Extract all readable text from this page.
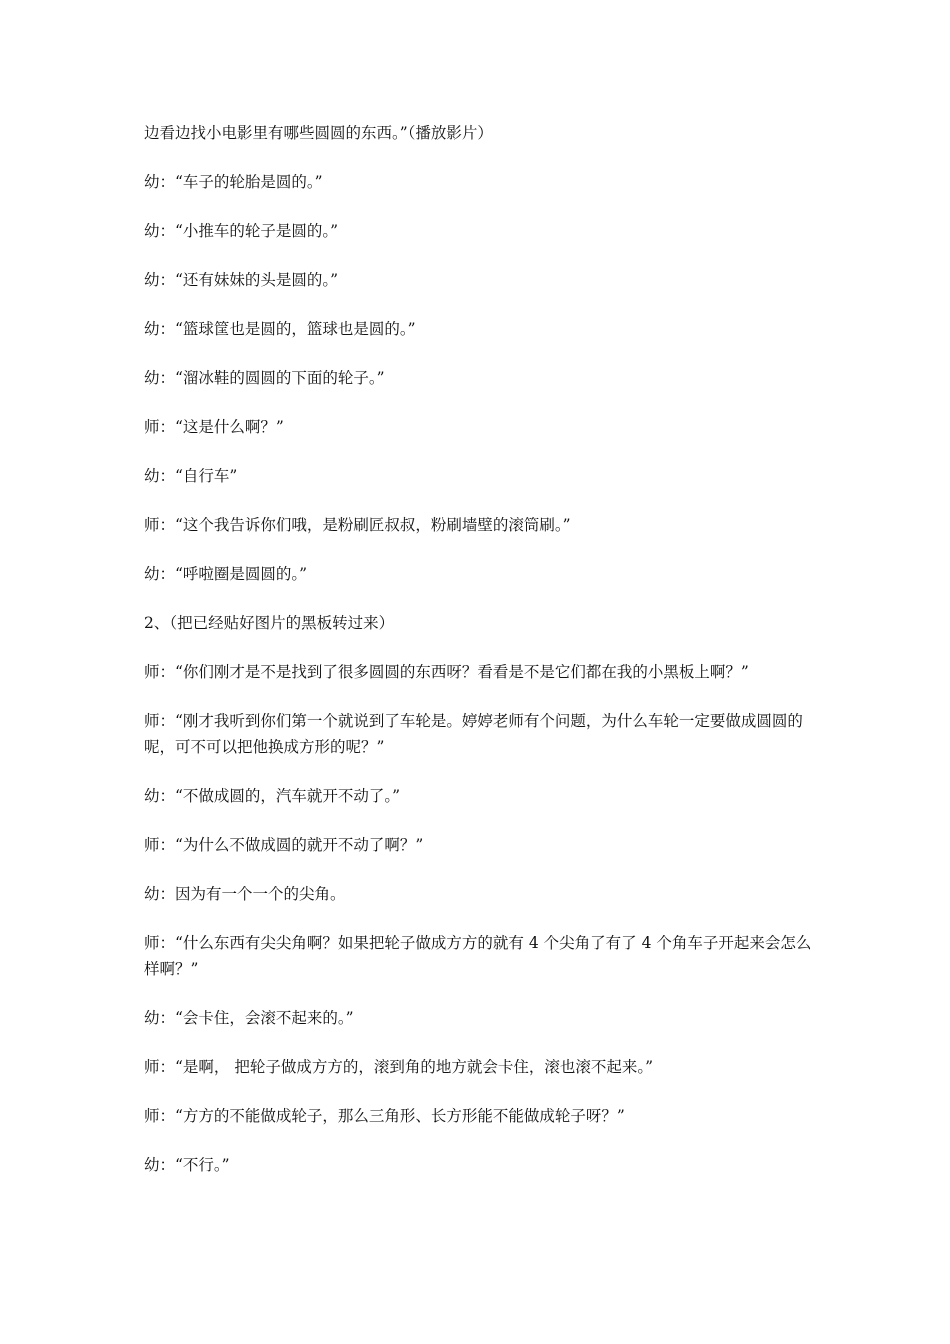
边看边找小电影里有哪些圆圆的东西。”（播放影片）

幼：“车子的轮胎是圆的。”

幼：“小推车的轮子是圆的。”

幼：“还有妹妹的头是圆的。”

幼：“篮球筐也是圆的，篮球也是圆的。”

幼：“溜冰鞋的圆圆的下面的轮子。”

师：“这是什么啊？”

幼：“自行车”

师：“这个我告诉你们哦，是粉刷匠叔叔，粉刷墙壁的滚筒刷。”

幼：“呼啦圈是圆圆的。”

2、（把已经贴好图片的黑板转过来）

师：“你们刚才是不是找到了很多圆圆的东西呀？看看是不是它们都在我的小黑板上啊？”

师：“刚才我听到你们第一个就说到了车轮是。婷婷老师有个问题，为什么车轮一定要做成圆圆的呢，可不可以把他换成方形的呢？”

幼：“不做成圆的，汽车就开不动了。”

师：“为什么不做成圆的就开不动了啊？”

幼：因为有一个一个的尖角。

师：“什么东西有尖尖角啊？如果把轮子做成方方的就有 4 个尖角了有了 4 个角车子开起来会怎么样啊？”

幼：“会卡住，会滚不起来的。”

师：“是啊， 把轮子做成方方的，滚到角的地方就会卡住，滚也滚不起来。”

师：“方方的不能做成轮子，那么三角形、长方形能不能做成轮子呀？”

幼：“不行。”
